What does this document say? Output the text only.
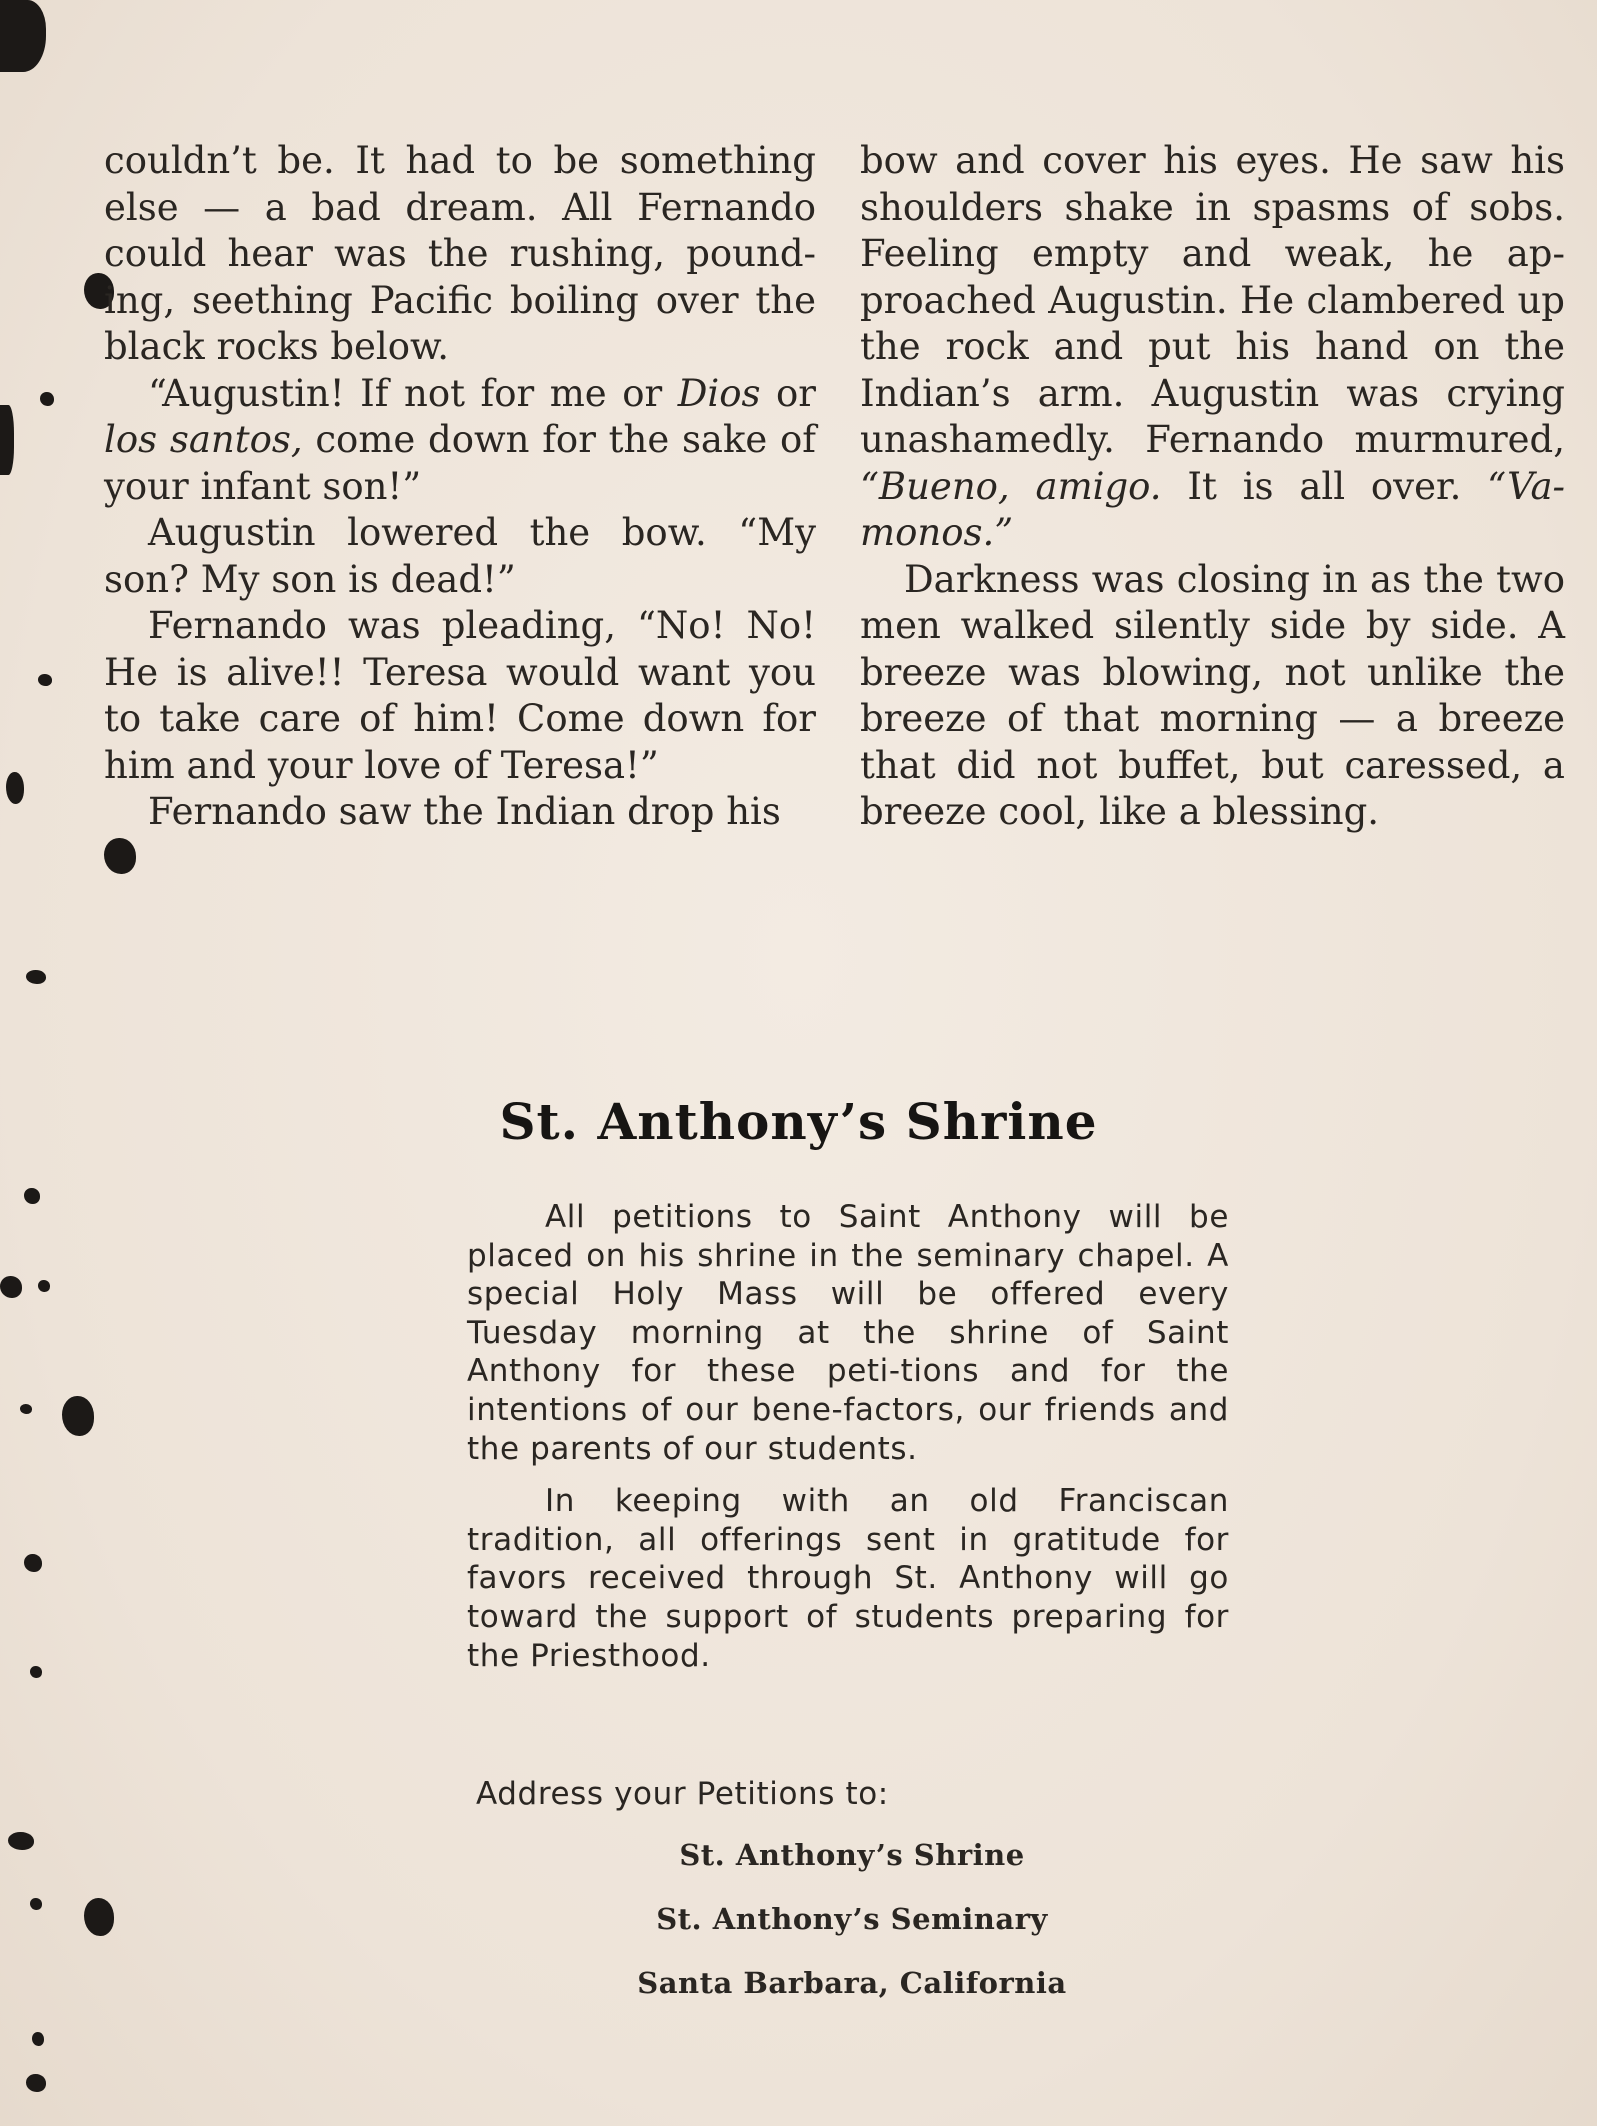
couldn’t be. It had to be something else — a bad dream. All Fernando could hear was the rushing, pound-ing, seething Pacific boiling over the black rocks below.

“Augustin! If not for me or Dios or los santos, come down for the sake of your infant son!”

Augustin lowered the bow. “My son? My son is dead!”

Fernando was pleading, “No! No! He is alive!! Teresa would want you to take care of him! Come down for him and your love of Teresa!”

Fernando saw the Indian drop his

bow and cover his eyes. He saw his shoulders shake in spasms of sobs. Feeling empty and weak, he ap-proached Augustin. He clambered up the rock and put his hand on the Indian’s arm. Augustin was crying unashamedly. Fernando murmured, “Bueno, amigo. It is all over. “Va-monos.”

Darkness was closing in as the two men walked silently side by side. A breeze was blowing, not unlike the breeze of that morning — a breeze that did not buffet, but caressed, a breeze cool, like a blessing.

St. Anthony’s Shrine

All petitions to Saint Anthony will be placed on his shrine in the seminary chapel. A special Holy Mass will be offered every Tuesday morning at the shrine of Saint Anthony for these peti-tions and for the intentions of our bene-factors, our friends and the parents of our students.

In keeping with an old Franciscan tradition, all offerings sent in gratitude for favors received through St. Anthony will go toward the support of students preparing for the Priesthood.

Address your Petitions to:
St. Anthony’s Shrine
St. Anthony’s Seminary
Santa Barbara, California
